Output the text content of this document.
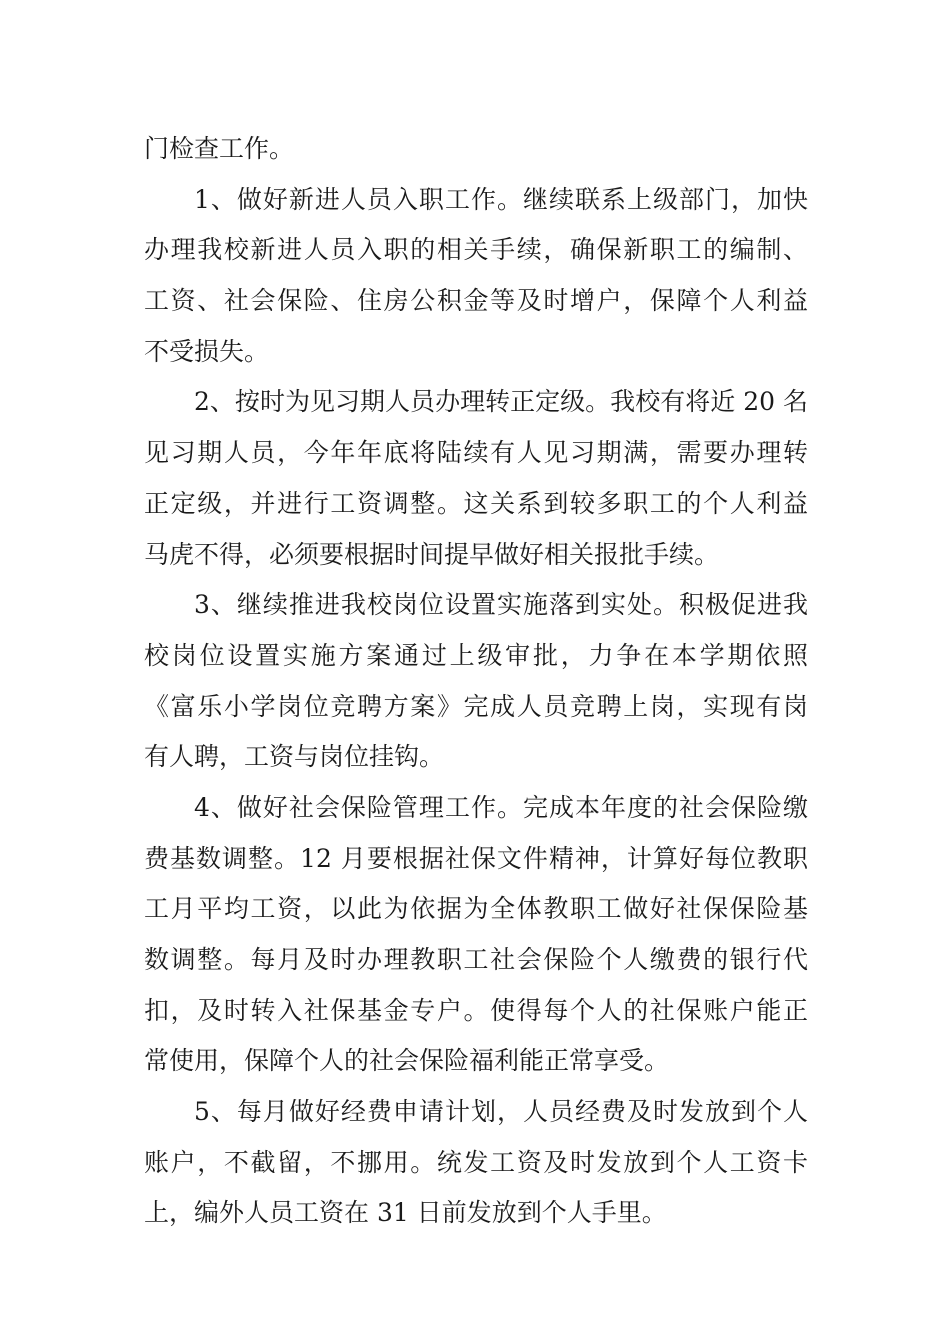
门检查工作。
1、做好新进人员入职工作。继续联系上级部门，加快
办理我校新进人员入职的相关手续，确保新职工的编制、
工资、社会保险、住房公积金等及时增户，保障个人利益
不受损失。
2、按时为见习期人员办理转正定级。我校有将近 20 名
见习期人员，今年年底将陆续有人见习期满，需要办理转
正定级，并进行工资调整。这关系到较多职工的个人利益
马虎不得，必须要根据时间提早做好相关报批手续。
3、继续推进我校岗位设置实施落到实处。积极促进我
校岗位设置实施方案通过上级审批，力争在本学期依照
《富乐小学岗位竞聘方案》完成人员竞聘上岗，实现有岗
有人聘，工资与岗位挂钩。
4、做好社会保险管理工作。完成本年度的社会保险缴
费基数调整。12 月要根据社保文件精神，计算好每位教职
工月平均工资，以此为依据为全体教职工做好社保保险基
数调整。每月及时办理教职工社会保险个人缴费的银行代
扣，及时转入社保基金专户。使得每个人的社保账户能正
常使用，保障个人的社会保险福利能正常享受。
5、每月做好经费申请计划，人员经费及时发放到个人
账户，不截留，不挪用。统发工资及时发放到个人工资卡
上，编外人员工资在 31 日前发放到个人手里。
